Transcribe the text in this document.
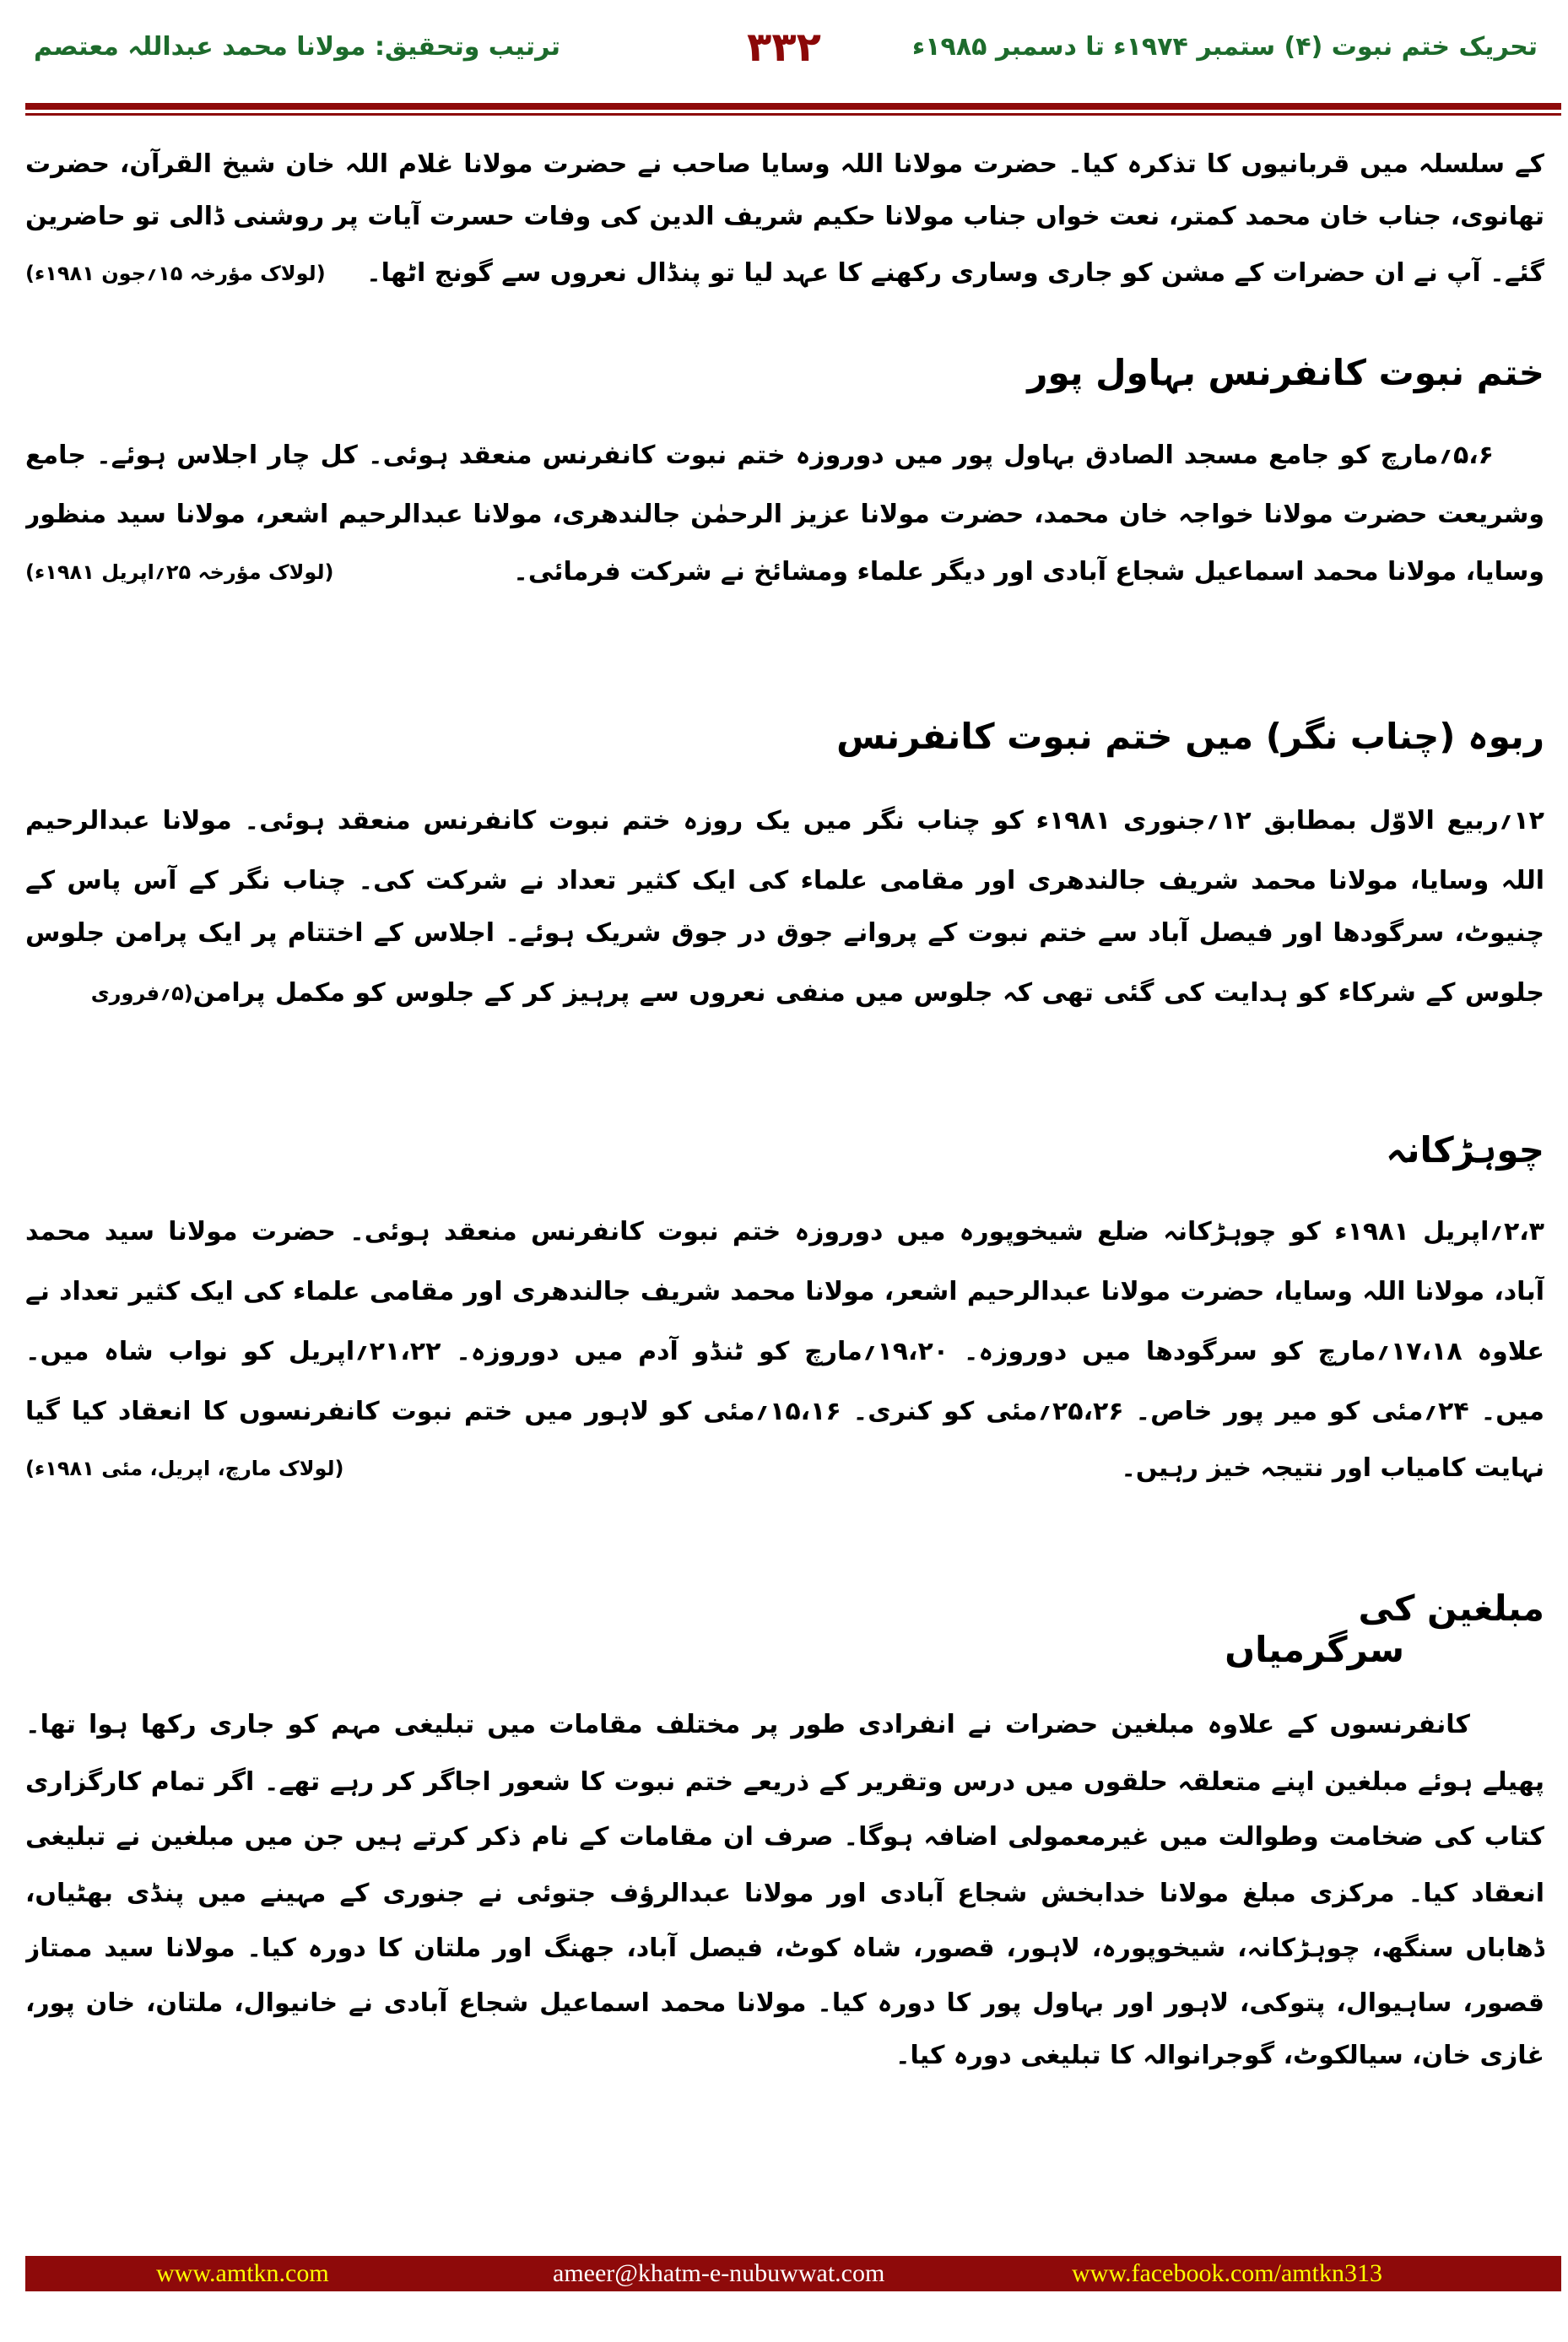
تحریک ختم نبوت (۴) ستمبر ۱۹۷۴ء تا دسمبر ۱۹۸۵ء
۳۳۲
ترتیب وتحقیق: مولانا محمد عبداللہ معتصم
کے سلسلہ میں قربانیوں کا تذکرہ کیا۔ حضرت مولانا اللہ وسایا صاحب نے حضرت مولانا غلام اللہ خان شیخ القرآن، حضرت
تھانوی، جناب خان محمد کمتر، نعت خواں جناب مولانا حکیم شریف الدین کی وفات حسرت آیات پر روشنی ڈالی تو حاضرین
گئے۔ آپ نے ان حضرات کے مشن کو جاری وساری رکھنے کا عہد لیا تو پنڈال نعروں سے گونج اٹھا۔
(لولاک مؤرخہ ۱۵؍جون ۱۹۸۱ء)
ختم نبوت کانفرنس بہاول پور
۵،۶؍مارچ کو جامع مسجد الصادق بہاول پور میں دوروزہ ختم نبوت کانفرنس منعقد ہوئی۔ کل چار اجلاس ہوئے۔ جامع
وشریعت حضرت مولانا خواجہ خان محمد، حضرت مولانا عزیز الرحمٰن جالندھری، مولانا عبدالرحیم اشعر، مولانا سید منظور
وسایا، مولانا محمد اسماعیل شجاع آبادی اور دیگر علماء ومشائخ نے شرکت فرمائی۔
(لولاک مؤرخہ ۲۵؍اپریل ۱۹۸۱ء)
ربوہ (چناب نگر) میں ختم نبوت کانفرنس
۱۲؍ربیع الاوّل بمطابق ۱۲؍جنوری ۱۹۸۱ء کو چناب نگر میں یک روزہ ختم نبوت کانفرنس منعقد ہوئی۔ مولانا عبدالرحیم
اللہ وسایا، مولانا محمد شریف جالندھری اور مقامی علماء کی ایک کثیر تعداد نے شرکت کی۔ چناب نگر کے آس پاس کے
چنیوٹ، سرگودھا اور فیصل آباد سے ختم نبوت کے پروانے جوق در جوق شریک ہوئے۔ اجلاس کے اختتام پر ایک پرامن جلوس
جلوس کے شرکاء کو ہدایت کی گئی تھی کہ جلوس میں منفی نعروں سے پرہیز کر کے جلوس کو مکمل پرامن
(۵؍فروری
چوہڑکانہ
۲،۳؍اپریل ۱۹۸۱ء کو چوہڑکانہ ضلع شیخوپورہ میں دوروزہ ختم نبوت کانفرنس منعقد ہوئی۔ حضرت مولانا سید محمد
آباد، مولانا اللہ وسایا، حضرت مولانا عبدالرحیم اشعر، مولانا محمد شریف جالندھری اور مقامی علماء کی ایک کثیر تعداد نے
علاوہ ۱۷،۱۸؍مارچ کو سرگودھا میں دوروزہ۔ ۱۹،۲۰؍مارچ کو ٹنڈو آدم میں دوروزہ۔ ۲۱،۲۲؍اپریل کو نواب شاہ میں۔
میں۔ ۲۴؍مئی کو میر پور خاص۔ ۲۵،۲۶؍مئی کو کنری۔ ۱۵،۱۶؍مئی کو لاہور میں ختم نبوت کانفرنسوں کا انعقاد کیا گیا
نہایت کامیاب اور نتیجہ خیز رہیں۔
(لولاک مارچ، اپریل، مئی ۱۹۸۱ء)
مبلغین کی
سرگرمیاں
کانفرنسوں کے علاوہ مبلغین حضرات نے انفرادی طور پر مختلف مقامات میں تبلیغی مہم کو جاری رکھا ہوا تھا۔
پھیلے ہوئے مبلغین اپنے متعلقہ حلقوں میں درس وتقریر کے ذریعے ختم نبوت کا شعور اجاگر کر رہے تھے۔ اگر تمام کارگزاری
کتاب کی ضخامت وطوالت میں غیرمعمولی اضافہ ہوگا۔ صرف ان مقامات کے نام ذکر کرتے ہیں جن میں مبلغین نے تبلیغی
انعقاد کیا۔ مرکزی مبلغ مولانا خدابخش شجاع آبادی اور مولانا عبدالرؤف جتوئی نے جنوری کے مہینے میں پنڈی بھٹیاں،
ڈھاباں سنگھ، چوہڑکانہ، شیخوپورہ، لاہور، قصور، شاہ کوٹ، فیصل آباد، جھنگ اور ملتان کا دورہ کیا۔ مولانا سید ممتاز
قصور، ساہیوال، پتوکی، لاہور اور بہاول پور کا دورہ کیا۔ مولانا محمد اسماعیل شجاع آبادی نے خانیوال، ملتان، خان پور،
غازی خان، سیالکوٹ، گوجرانوالہ کا تبلیغی دورہ کیا۔
www.amtkn.com	ameer@khatm-e-nubuwwat.com	www.facebook.com/amtkn313
